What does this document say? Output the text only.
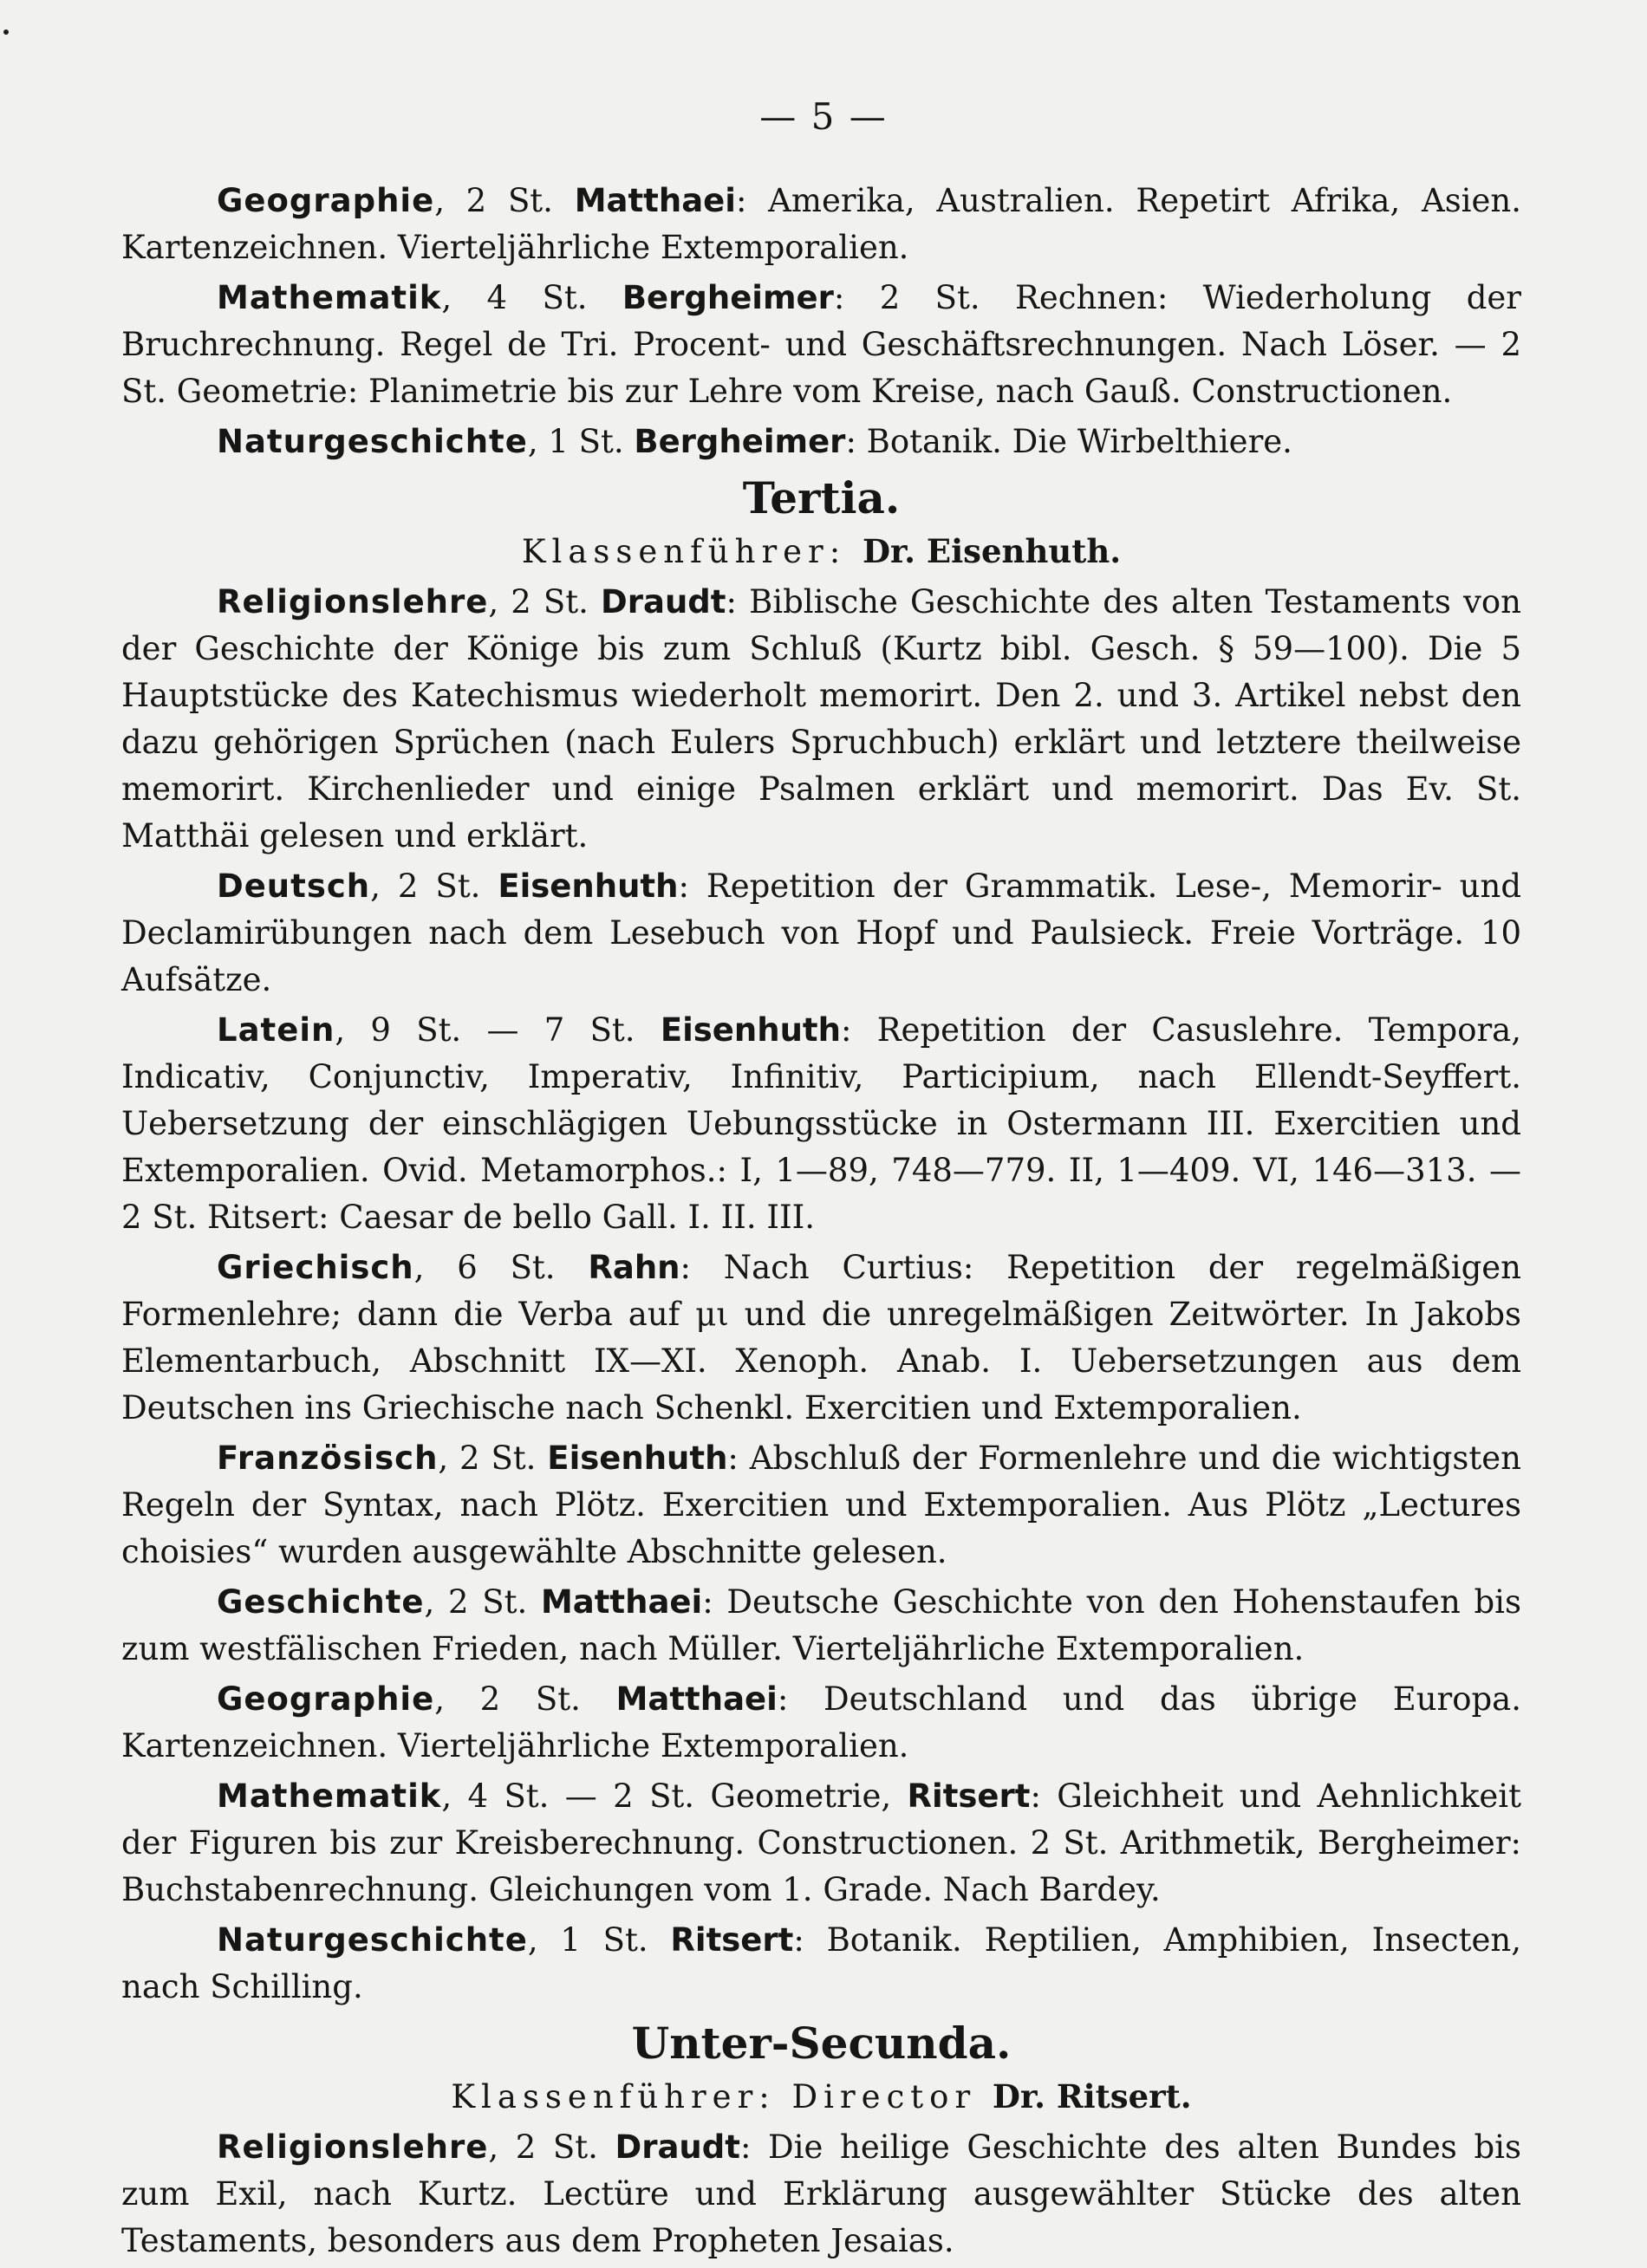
— 5 —

Geographie, 2 St. Matthaei: Amerika, Australien. Repetirt Afrika, Asien. Kartenzeichnen. Vierteljährliche Extemporalien.

Mathematik, 4 St. Bergheimer: 2 St. Rechnen: Wiederholung der Bruchrechnung. Regel de Tri. Procent- und Geschäftsrechnungen. Nach Löser. — 2 St. Geometrie: Planimetrie bis zur Lehre vom Kreise, nach Gauß. Constructionen.

Naturgeschichte, 1 St. Bergheimer: Botanik. Die Wirbelthiere.

Tertia.
Klassenführer: Dr. Eisenhuth.

Religionslehre, 2 St. Draudt: Biblische Geschichte des alten Testaments von der Geschichte der Könige bis zum Schluß (Kurtz bibl. Gesch. § 59—100). Die 5 Hauptstücke des Katechismus wiederholt memorirt. Den 2. und 3. Artikel nebst den dazu gehörigen Sprüchen (nach Eulers Spruchbuch) erklärt und letztere theilweise memorirt. Kirchenlieder und einige Psalmen erklärt und memorirt. Das Ev. St. Matthäi gelesen und erklärt.

Deutsch, 2 St. Eisenhuth: Repetition der Grammatik. Lese-, Memorir- und Declamirübungen nach dem Lesebuch von Hopf und Paulsieck. Freie Vorträge. 10 Aufsätze.

Latein, 9 St. — 7 St. Eisenhuth: Repetition der Casuslehre. Tempora, Indicativ, Conjunctiv, Imperativ, Infinitiv, Participium, nach Ellendt-Seyffert. Uebersetzung der einschlägigen Uebungsstücke in Ostermann III. Exercitien und Extemporalien. Ovid. Metamorphos.: I, 1—89, 748—779. II, 1—409. VI, 146—313. — 2 St. Ritsert: Caesar de bello Gall. I. II. III.

Griechisch, 6 St. Rahn: Nach Curtius: Repetition der regelmäßigen Formenlehre; dann die Verba auf μι und die unregelmäßigen Zeitwörter. In Jakobs Elementarbuch, Abschnitt IX—XI. Xenoph. Anab. I. Uebersetzungen aus dem Deutschen ins Griechische nach Schenkl. Exercitien und Extemporalien.

Französisch, 2 St. Eisenhuth: Abschluß der Formenlehre und die wichtigsten Regeln der Syntax, nach Plötz. Exercitien und Extemporalien. Aus Plötz „Lectures choisies“ wurden ausgewählte Abschnitte gelesen.

Geschichte, 2 St. Matthaei: Deutsche Geschichte von den Hohenstaufen bis zum westfälischen Frieden, nach Müller. Vierteljährliche Extemporalien.

Geographie, 2 St. Matthaei: Deutschland und das übrige Europa. Kartenzeichnen. Vierteljährliche Extemporalien.

Mathematik, 4 St. — 2 St. Geometrie, Ritsert: Gleichheit und Aehnlichkeit der Figuren bis zur Kreisberechnung. Constructionen. 2 St. Arithmetik, Bergheimer: Buchstabenrechnung. Gleichungen vom 1. Grade. Nach Bardey.

Naturgeschichte, 1 St. Ritsert: Botanik. Reptilien, Amphibien, Insecten, nach Schilling.

Unter-Secunda.
Klassenführer: Director Dr. Ritsert.

Religionslehre, 2 St. Draudt: Die heilige Geschichte des alten Bundes bis zum Exil, nach Kurtz. Lectüre und Erklärung ausgewählter Stücke des alten Testaments, besonders aus dem Propheten Jesaias.
